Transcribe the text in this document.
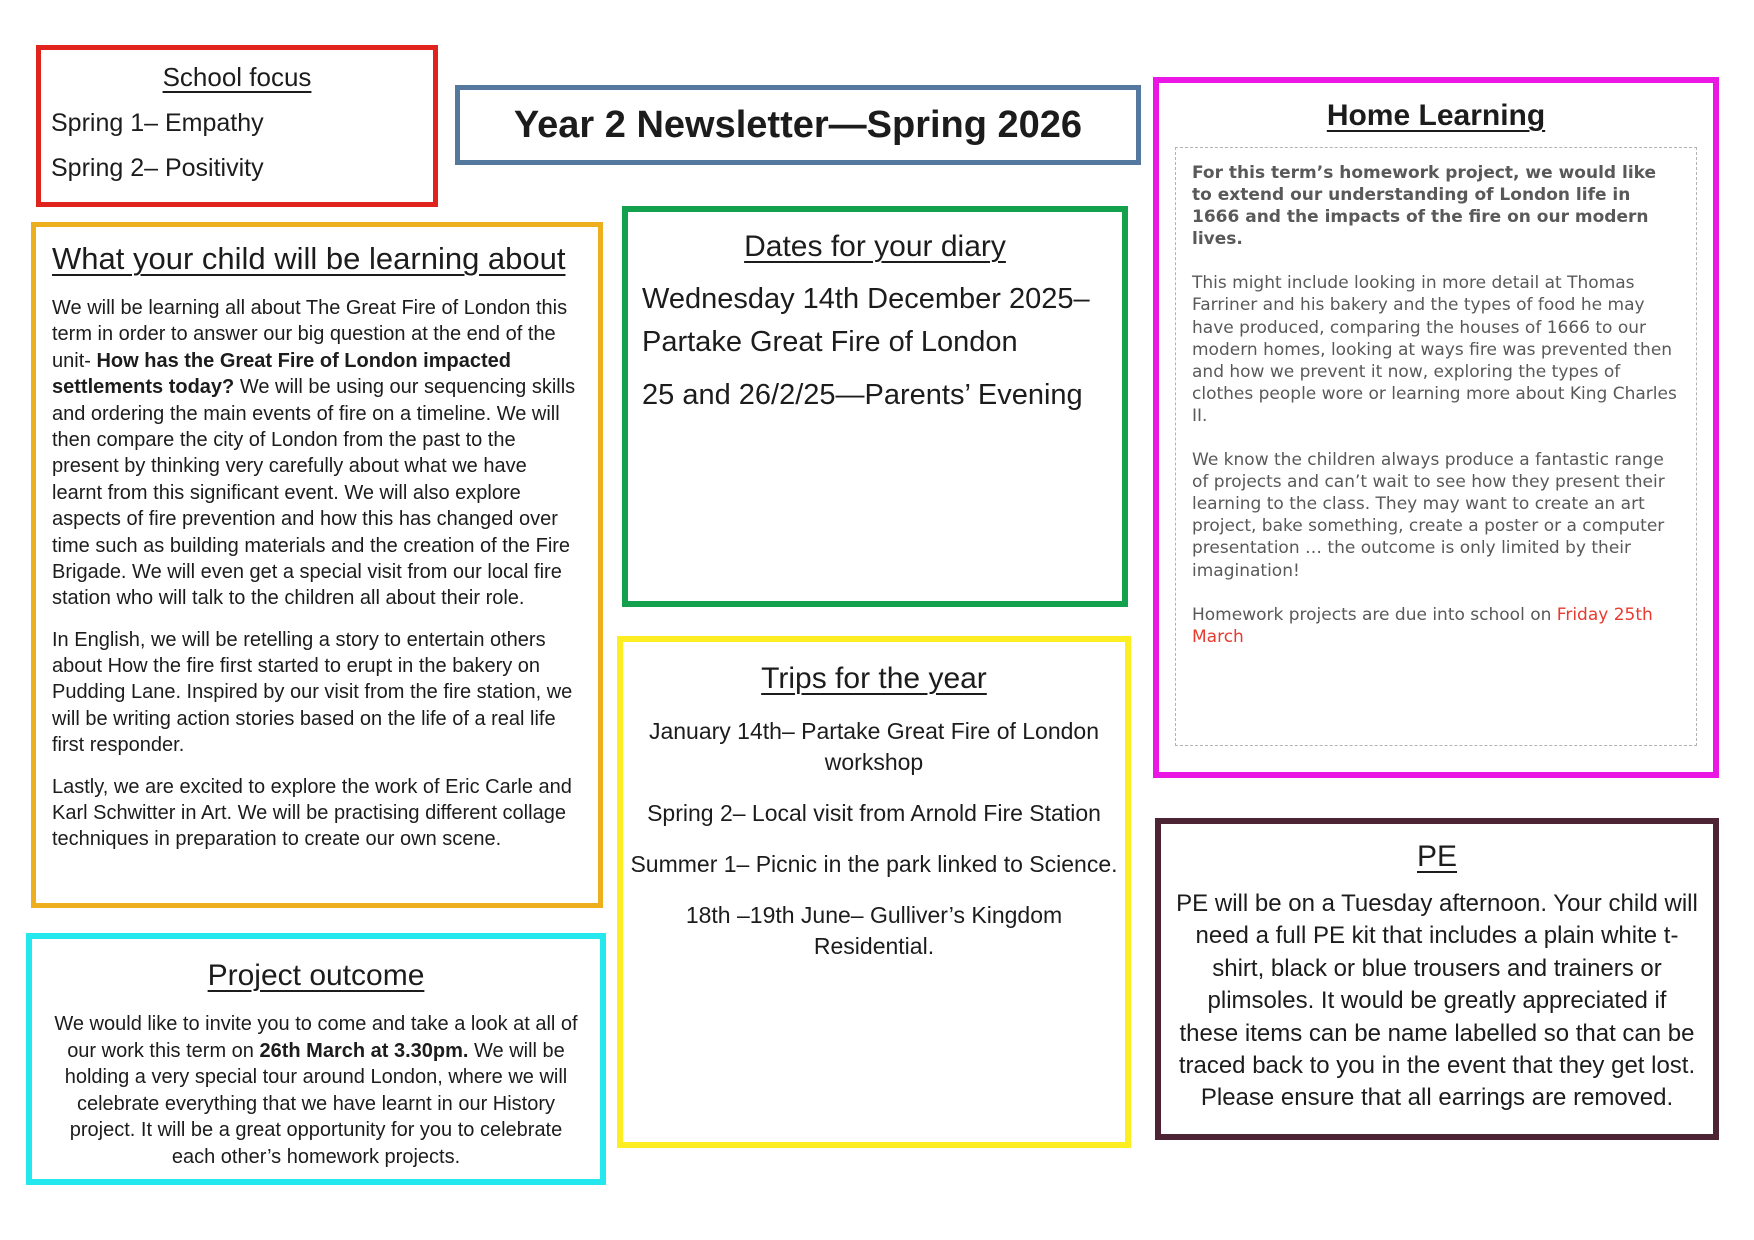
School focus
Spring 1– Empathy
Spring 2– Positivity
Year 2 Newsletter—Spring 2026
What your child will be learning about

We will be learning all about The Great Fire of London this term in order to answer our big question at the end of the unit- How has the Great Fire of London impacted settlements today? We will be using our sequencing skills and ordering the main events of fire on a timeline. We will then compare the city of London from the past to the present by thinking very carefully about what we have learnt from this significant event. We will also explore aspects of fire prevention and how this has changed over time such as building materials and the creation of the Fire Brigade. We will even get a special visit from our local fire station who will talk to the children all about their role.

In English, we will be retelling a story to entertain others about How the fire first started to erupt in the bakery on Pudding Lane. Inspired by our visit from the fire station, we will be writing action stories based on the life of a real life first responder.

Lastly, we are excited to explore the work of Eric Carle and Karl Schwitter in Art. We will be practising different collage techniques in preparation to create our own scene.

Dates for your diary
Wednesday 14th December 2025– Partake Great Fire of London
25 and 26/2/25—Parents’ Evening
Trips for the year
January 14th– Partake Great Fire of London workshop
Spring 2– Local visit from Arnold Fire Station
Summer 1– Picnic in the park linked to Science.
18th –19th June– Gulliver’s Kingdom Residential.
Project outcome
We would like to invite you to come and take a look at all of our work this term on 26th March at 3.30pm. We will be holding a very special tour around London, where we will celebrate everything that we have learnt in our History project. It will be a great opportunity for you to celebrate each other’s homework projects.
Home Learning

For this term’s homework project, we would like to extend our understanding of London life in 1666 and the impacts of the fire on our modern lives.

This might include looking in more detail at Thomas Farriner and his bakery and the types of food he may have produced, comparing the houses of 1666 to our modern homes, looking at ways fire was prevented then and how we prevent it now, exploring the types of clothes people wore or learning more about King Charles II.

We know the children always produce a fantastic range of projects and can’t wait to see how they present their learning to the class. They may want to create an art project, bake something, create a poster or a computer presentation … the outcome is only limited by their imagination!

Homework projects are due into school on Friday 25th March

PE
PE will be on a Tuesday afternoon. Your child will need a full PE kit that includes a plain white t-shirt, black or blue trousers and trainers or plimsoles. It would be greatly appreciated if these items can be name labelled so that can be traced back to you in the event that they get lost. Please ensure that all earrings are removed.
